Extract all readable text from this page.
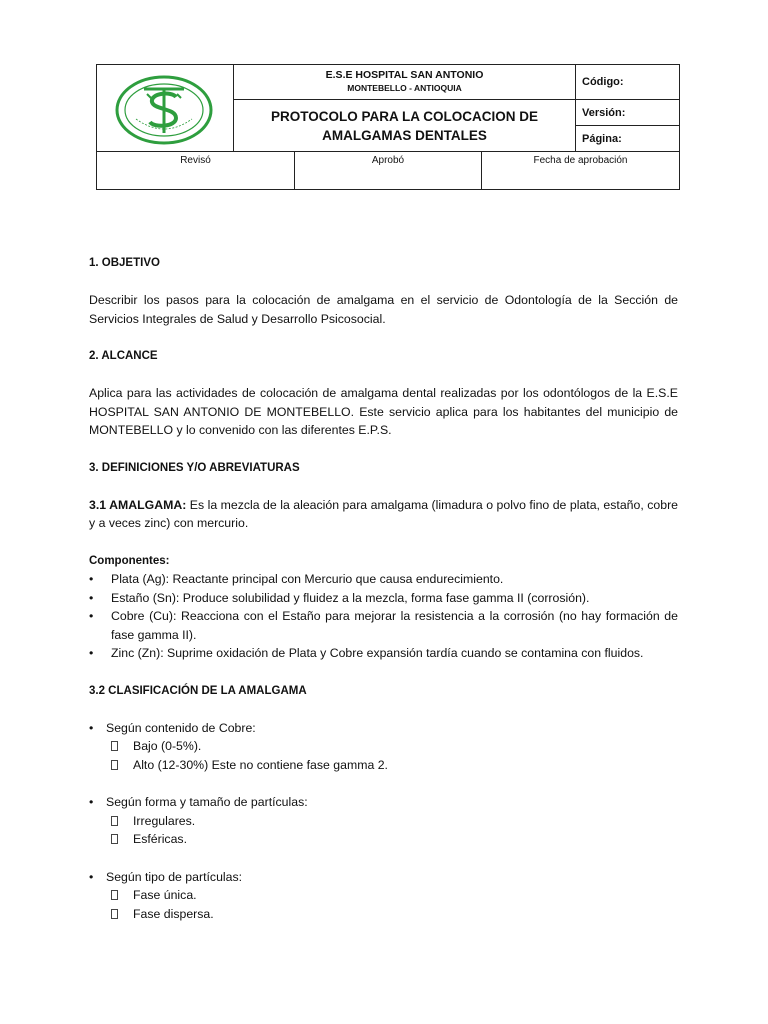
E.S.E HOSPITAL SAN ANTONIO
MONTEBELLO - ANTIOQUIA
PROTOCOLO PARA LA COLOCACION DE AMALGAMAS DENTALES
Código:
Versión:
Página:
Revisó	Aprobó	Fecha de aprobación

1. OBJETIVO

Describir los pasos para la colocación de amalgama en el servicio de Odontología de la Sección de Servicios Integrales de Salud y Desarrollo Psicosocial.

2. ALCANCE

Aplica para las actividades de colocación de amalgama dental realizadas por los odontólogos de la E.S.E HOSPITAL SAN ANTONIO DE MONTEBELLO. Este servicio aplica para los habitantes del municipio de MONTEBELLO y lo convenido con las diferentes E.P.S.

3. DEFINICIONES Y/O ABREVIATURAS

3.1 AMALGAMA: Es la mezcla de la aleación para amalgama (limadura o polvo fino de plata, estaño, cobre y a veces zinc) con mercurio.

Componentes:

• Plata (Ag): Reactante principal con Mercurio que causa endurecimiento.
• Estaño (Sn): Produce solubilidad y fluidez a la mezcla, forma fase gamma II (corrosión).
• Cobre (Cu): Reacciona con el Estaño para mejorar la resistencia a la corrosión (no hay formación de fase gamma II).
• Zinc (Zn): Suprime oxidación de Plata y Cobre expansión tardía cuando se contamina con fluidos.

3.2 CLASIFICACIÓN DE LA AMALGAMA

• Según contenido de Cobre:
Bajo (0-5%).
Alto (12-30%) Este no contiene fase gamma 2.
• Según forma y tamaño de partículas:
Irregulares.
Esféricas.
• Según tipo de partículas:
Fase única.
Fase dispersa.
